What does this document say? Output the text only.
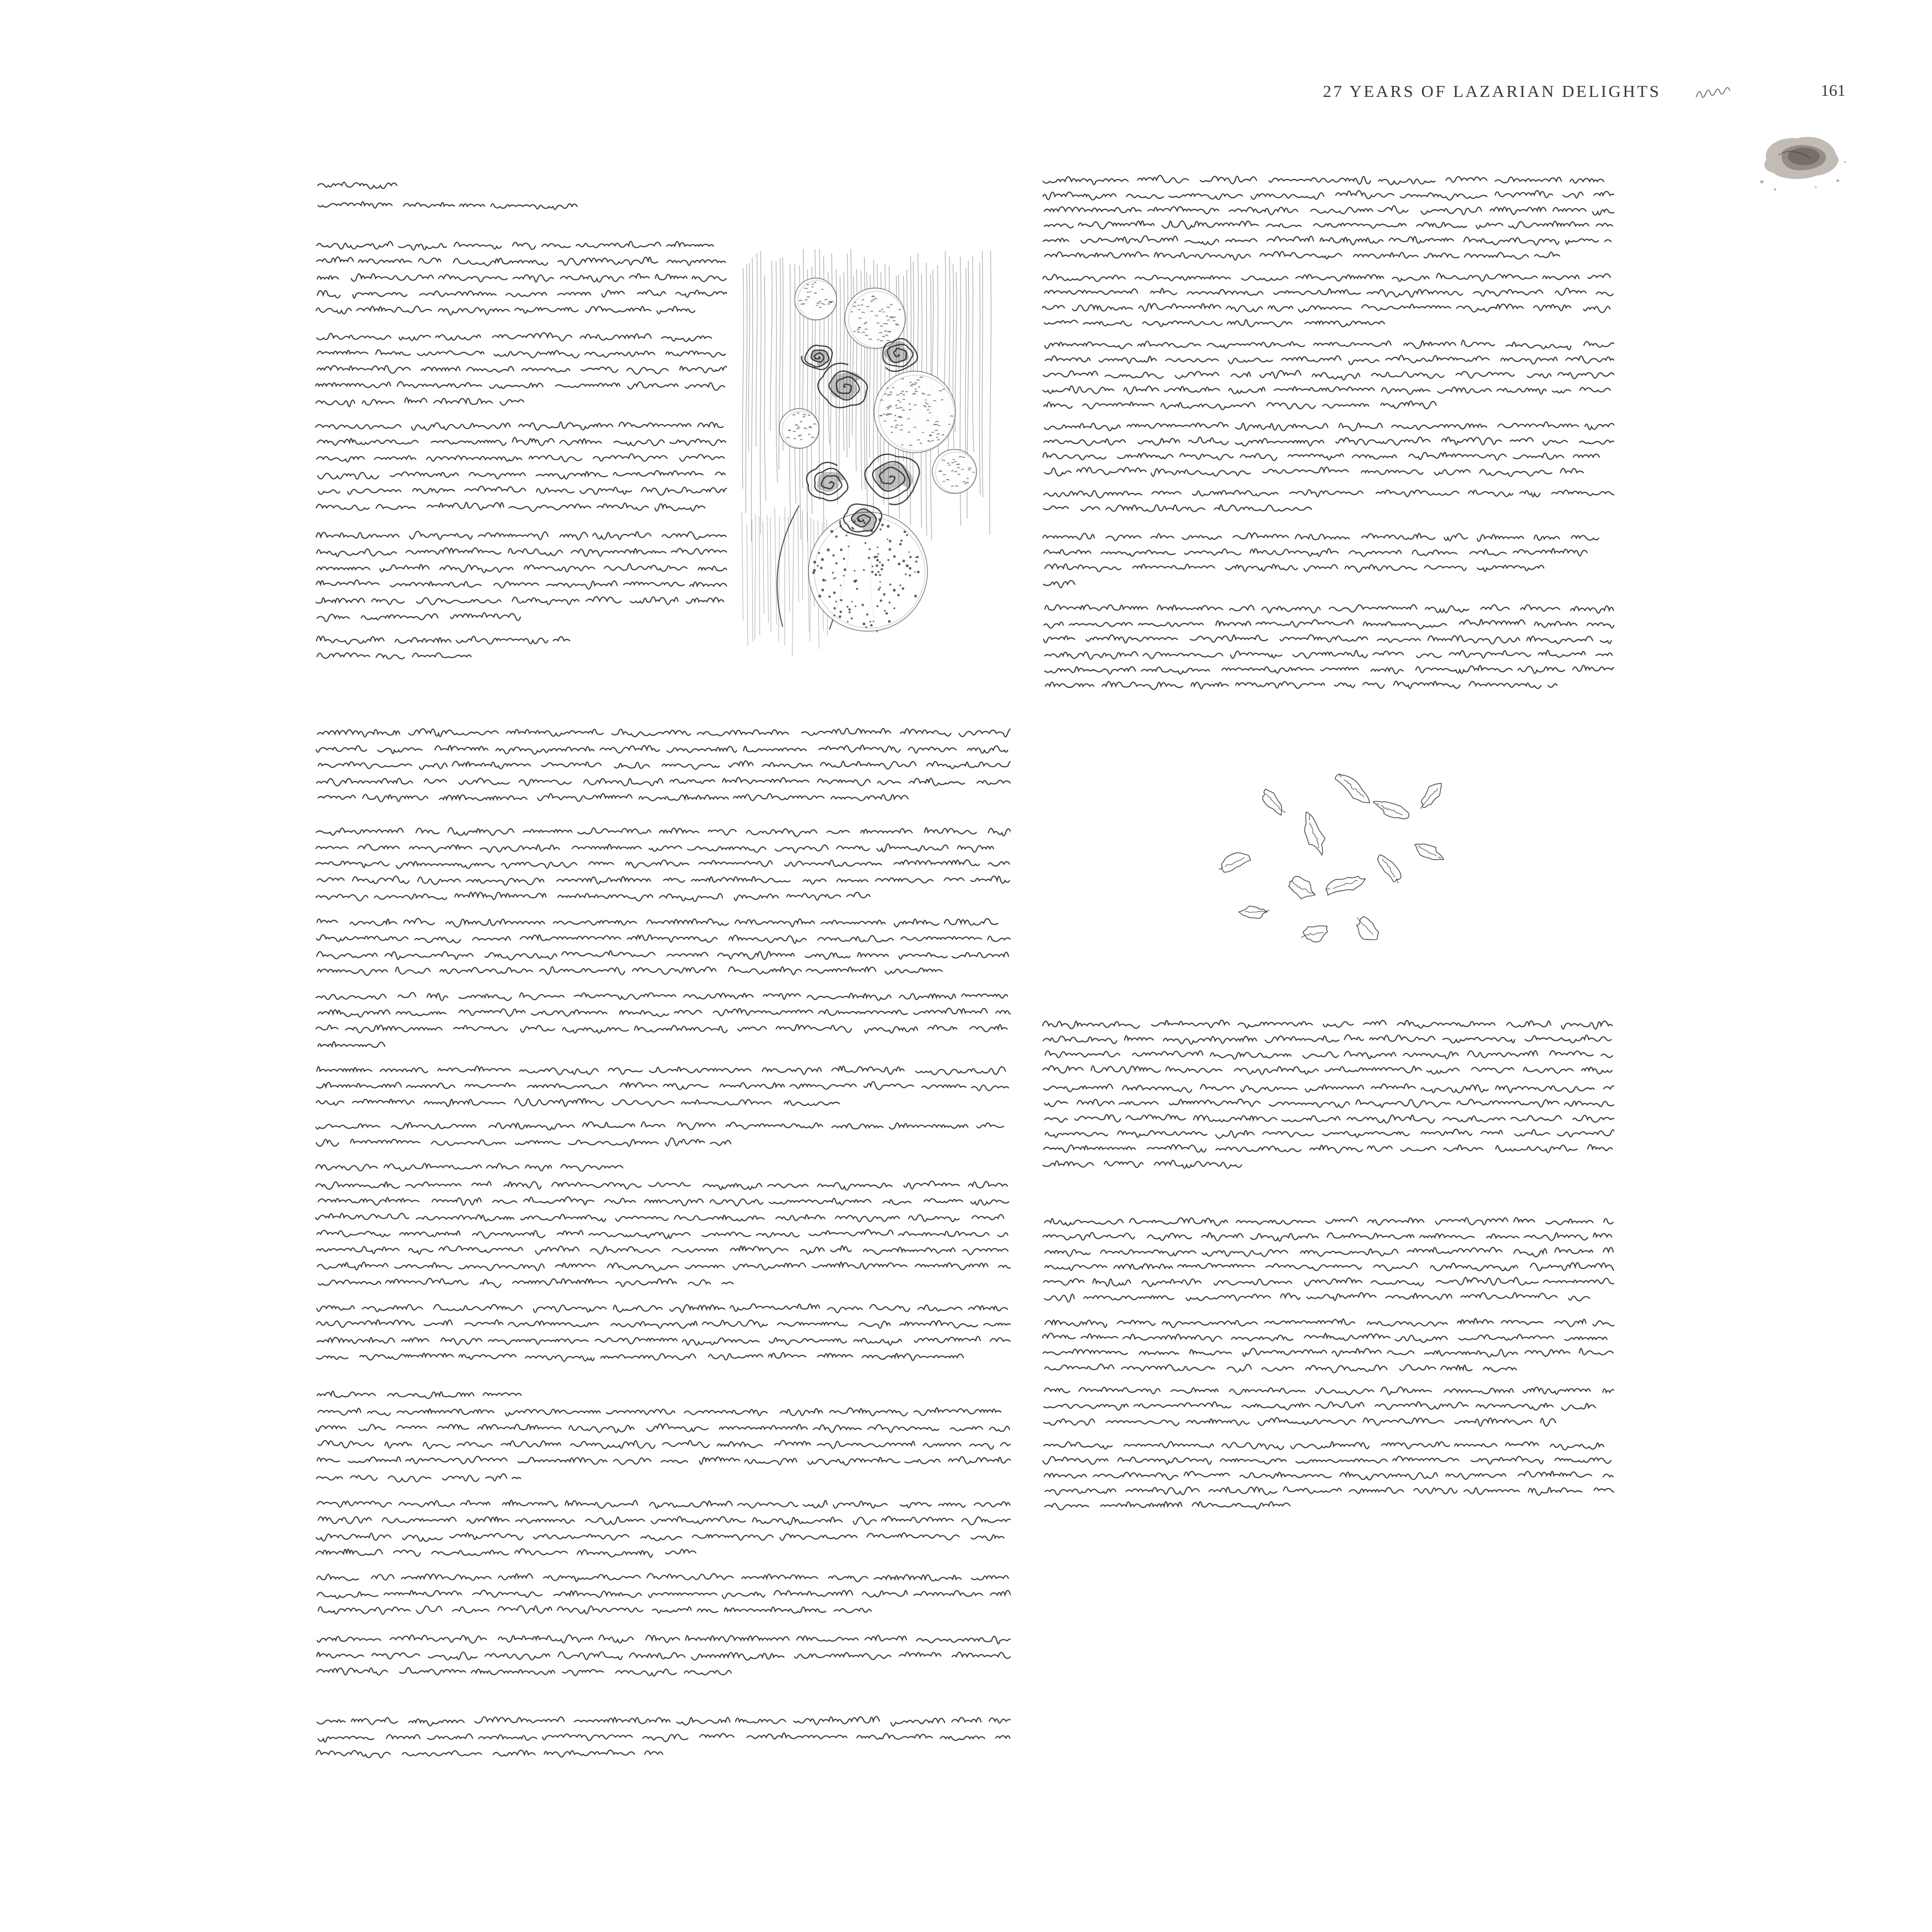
27 YEARS OF LAZARIAN DELIGHTS	161
